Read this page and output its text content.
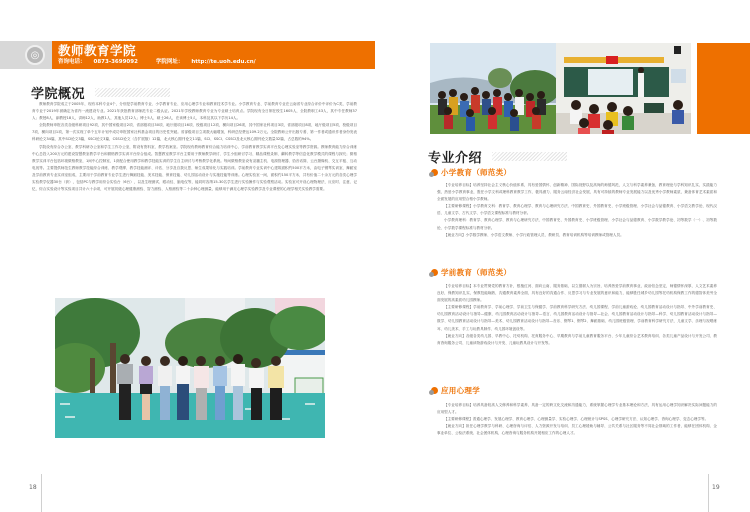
◎ 教师教育学院
咨询电话： 0873-3699092	学院网址： http://te.uoh.edu.cn/
学院概况

教师教育学院成立于2005年，现有本科专业4个，分别是学前教育专业、小学教育专业、应用心理学专业和教育技术学专业。小学教育专业、学前教育专业在云南省专业综合评价中评价为C类，学前教育专业于2019年被确定为省内一流建设专业。2021年获批教育部师范专业二级认证。2021年学校教师教育专业为专业硕士培育点。学院现有全日制在校生1605人，全院教职工43人，其中专任教师37人；教授8人，副教授18人，讲师12人，助教1人，其他人员12人；博士5人，硕士26人，在读博士5人，本科及其以下学历14人。

全院教师申报各类各级科研项目92项，其中国家级项目2项、省部级项目30项、地厅级项目16项、校级项目12项，横向项目26项，其中国家社科项目3项，省部级项目8项，地厅级项目5项，校级项目7项，横向项目1项，第一次实现了单个五年计划中成功申报国家社科基金项目的历史性突破。省部级项目立项数大幅增加，科研总经费达109.2万元。全院教师公开出版专著、第一作者或通讯作者身份发表科研论文34篇，其中SCI论文3篇，SSCI论文3篇，CSSCI论文（含扩展版）12篇，北大核心期刊论文11篇，SCI、SSCI、CSSCI及北大核心期刊论文数量32篇，占总数的94%。

学院设有综合办公室、教学科研办公室和学生工作办公室，附设有资料室、教学档案室。学院现有教师教育综合能力培训中心、学前教育教学实训平台及心理实验室等教学资源。教师教育能力综合训练中心总投入200万元的建设智慧教室教学平台和微格教学实训平台综合组成。智慧教室教学平台主要用于教师教学研讨、学生小组研讨学习、精品课程录制、翻转教学等信息化教学模式的课程与探究；微格教学实训平台包括环境微格教室，1间中心控制室，1套配合使用教学和教学技能实训的学生自主研讨与考核教学化系统。每间微格教室设有录播主机、电源管理器、拾音话筒、云台摄像机、交互平板、互动电视等。主要提供师范生教师教学技能综合训练、教学观摩、教学技能测评、评估、分享及自我反思、师生成果转化与实践培训。学前教育专业实训中心建筑面积约500平方米，由电子钢琴实训室、舞蹈室及学前教育专业实训室组成，主要用于学前教育专业学生进行舞蹈技能、美术技能、保育技能、幼儿园活动设计与实施技能等训练。心理实验室一间，面积约150平方米，共有价值二十余万元的各类心理学实验教学仪器30台（套），包括PC与教学用综合实验台（6台），以及生理测试、眼动仪、脑电仪等，能同时容纳15-30名学生进行实验操作与实验观察活动。实验室可开设心理物理法、反应时、注意、记忆、综合实验设计等实验项目共计六十余项，可开展初级心理健康测验、智力测验、人格测验等二十余种心理测量，能够用于满足心理学实验教学及专业课程的心理学相关实验教学需要。

18
专业介绍
小学教育（师范类）

【专业培养目标】培养坚持社会主义核心价值体系，具有爱国情怀、创新精神、国际视野以及高尚的师德风范，人文与科学素养兼备，教育理论与学科知识扎实，实践能力强，热爱小学教育事业，胜任小学文科或理科教育教学工作，极具潜力、服务云南经济社会发展，具有可持续的教师专业发展能力以及优秀小学教师素质，兼备体育艺术素质和全面发展的应用型合格小学教师。

【主要研修课程】小学教育文科：教育学、教育心理学、教育与心理研究方法、中国教育史、外国教育史、小学班级管理、小学社会与品德教育、小学语文教学论、现代汉语、儿童文学、古代文学、小学语文课程标准与教材分析。

小学教育理科：教育学、教育心理学、教育与心理研究方法、中国教育史、外国教育史、小学班级管理、小学社会与品德教育、小学数学教学论、初等数学（一）、初等数论、小学数学课程标准与教材分析。

【就业方向】小学数学教师、小学语文教师、小学行政管理人员、教研员、教育培训机构等培训教师或管理人员。

学前教育（师范类）

【专业培养目标】本专业贯彻党的教育方针，根植红河、面向云南、服务基础，以立德树人为宗旨，培养热爱学前教育事业，政治信念坚定，师德情怀深厚，人文艺术素养良好，保教知识扎实，保教技能娴熟，沟通教育素养全面，具有良好的沟通合作、反思学习与专业发展的意识和能力，能够胜任城乡幼儿园等托幼机构保教工作的德智体美劳全面发展的高素质幼儿园教师。

【主要研修课程】学前教育学、学前心理学、学前卫生与保健学、学前教育科学研究方法、幼儿园课程、学前儿童游戏论、幼儿园教育活动设计与指导、中外学前教育史、幼儿园教育活动设计与指导—健康、幼儿园教育活动设计与指导—语言、幼儿园教育活动设计与指导—社会、幼儿园教育活动设计与指导—科学、幼儿园教育活动设计与指导—数学、幼儿园教育活动设计与指导—美术、幼儿园教育活动设计与指导—音乐、钢琴1、钢琴2、舞蹈基础、幼儿园班级管理、学前教育科学研究方法、儿童文学、乐理与视唱练耳、幼儿美术、手工与玩教具制作、幼儿园环境创设等。

【就业方向】各级各类幼儿园、早教中心、托幼机构、托育服务中心、早期教育与学前儿童教育服务平台、少年儿童综合艺术教育培训、各类儿童产品设计与开发公司、教育咨询服务公司、儿童读物游戏设计与开发、儿童玩教具设计与开发等。

应用心理学

【专业培养目标】培养具备较高人文修养和科学素养，具备一定的跨文化交流和沟通能力，系统掌握心理学专业基本理论和方法，具有运用心理学知识解决实际问题能力的应用型人才。

【主要研修课程】普通心理学、发展心理学、教育心理学、心理测量学、实验心理学、心理统计与SPSS、心理学研究方法、认知心理学、咨询心理学、变态心理学等。

【就业方向】担任心理学教学与科研、心理咨询与评估、人力资源开发与培训、员工心理援助与辅导、公共关系与社区服务等不同社会领域的工作者，能够在团体机构、企事业单位、公检法系统、社会团体机构，心理咨询与服务机构开展相应工作的心理人才。

19
